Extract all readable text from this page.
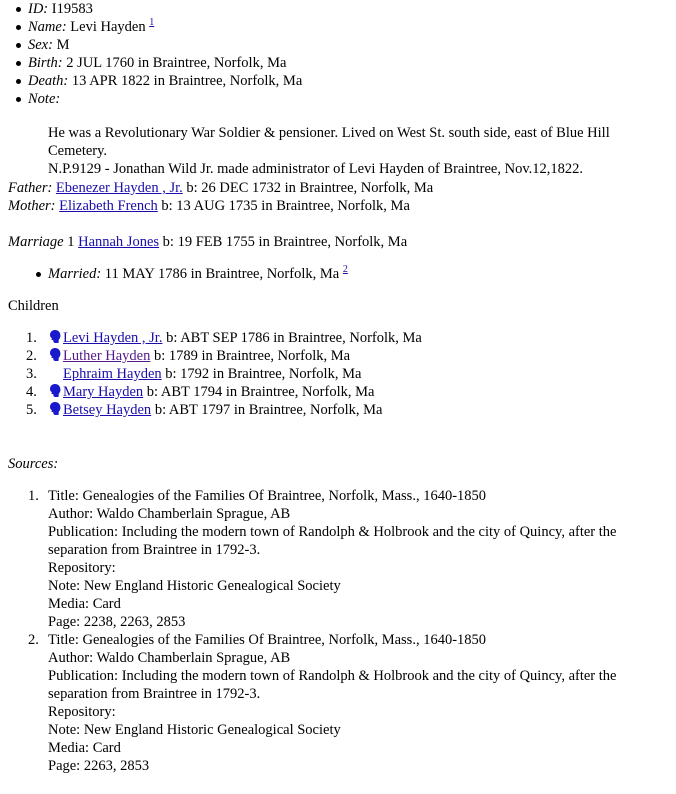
ID: I19583
Name: Levi Hayden $^1$
Sex: M
Birth: 2 JUL 1760 in Braintree, Norfolk, Ma
Death: 13 APR 1822 in Braintree, Norfolk, Ma
Note:
He was a Revolutionary War Soldier & pensioner. Lived on West St. south side, east of Blue Hill Cemetery.
N.P.9129 - Jonathan Wild Jr. made administrator of Levi Hayden of Braintree, Nov.12,1822.
Father: Ebenezer Hayden , Jr. b: 26 DEC 1732 in Braintree, Norfolk, Ma
Mother: Elizabeth French b: 13 AUG 1735 in Braintree, Norfolk, Ma
Marriage 1 Hannah Jones b: 19 FEB 1755 in Braintree, Norfolk, Ma
Married: 11 MAY 1786 in Braintree, Norfolk, Ma $^2$
Children
Levi Hayden , Jr. b: ABT SEP 1786 in Braintree, Norfolk, Ma
Luther Hayden b: 1789 in Braintree, Norfolk, Ma
Ephraim Hayden b: 1792 in Braintree, Norfolk, Ma
Mary Hayden b: ABT 1794 in Braintree, Norfolk, Ma
Betsey Hayden b: ABT 1797 in Braintree, Norfolk, Ma
Sources:
Title: Genealogies of the Families Of Braintree, Norfolk, Mass., 1640-1850
Author: Waldo Chamberlain Sprague, AB
Publication: Including the modern town of Randolph & Holbrook and the city of Quincy, after the separation from Braintree in 1792-3.
Repository:
Note: New England Historic Genealogical Society
Media: Card
Page: 2238, 2263, 2853
Title: Genealogies of the Families Of Braintree, Norfolk, Mass., 1640-1850
Author: Waldo Chamberlain Sprague, AB
Publication: Including the modern town of Randolph & Holbrook and the city of Quincy, after the separation from Braintree in 1792-3.
Repository:
Note: New England Historic Genealogical Society
Media: Card
Page: 2263, 2853
